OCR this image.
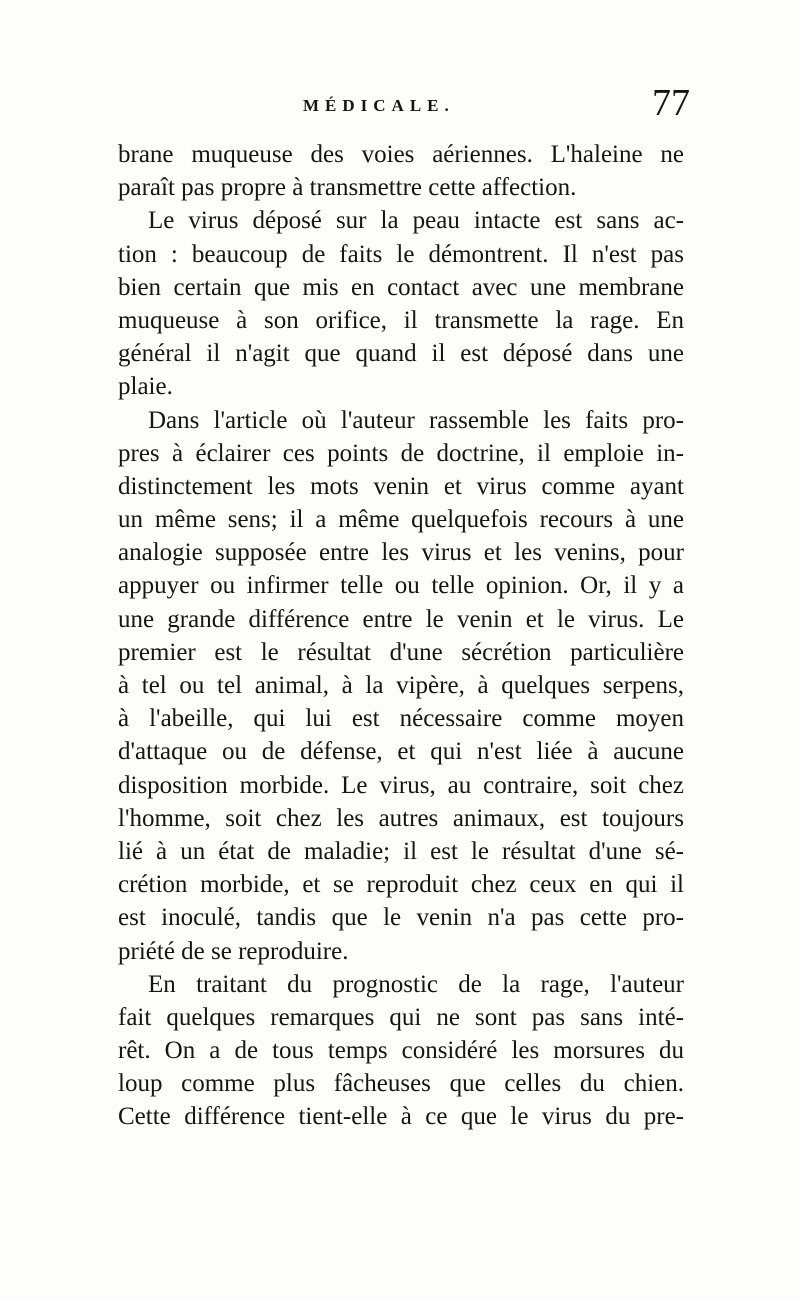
MÉDICALE.	77
brane muqueuse des voies aériennes. L'haleine ne
paraît pas propre à transmettre cette affection.
Le virus déposé sur la peau intacte est sans ac-
tion : beaucoup de faits le démontrent. Il n'est pas
bien certain que mis en contact avec une membrane
muqueuse à son orifice, il transmette la rage. En
général il n'agit que quand il est déposé dans une
plaie.
Dans l'article où l'auteur rassemble les faits pro-
pres à éclairer ces points de doctrine, il emploie in-
distinctement les mots venin et virus comme ayant
un même sens; il a même quelquefois recours à une
analogie supposée entre les virus et les venins, pour
appuyer ou infirmer telle ou telle opinion. Or, il y a
une grande différence entre le venin et le virus. Le
premier est le résultat d'une sécrétion particulière
à tel ou tel animal, à la vipère, à quelques serpens,
à l'abeille, qui lui est nécessaire comme moyen
d'attaque ou de défense, et qui n'est liée à aucune
disposition morbide. Le virus, au contraire, soit chez
l'homme, soit chez les autres animaux, est toujours
lié à un état de maladie; il est le résultat d'une sé-
crétion morbide, et se reproduit chez ceux en qui il
est inoculé, tandis que le venin n'a pas cette pro-
priété de se reproduire.
En traitant du prognostic de la rage, l'auteur
fait quelques remarques qui ne sont pas sans inté-
rêt. On a de tous temps considéré les morsures du
loup comme plus fâcheuses que celles du chien.
Cette différence tient-elle à ce que le virus du pre-
